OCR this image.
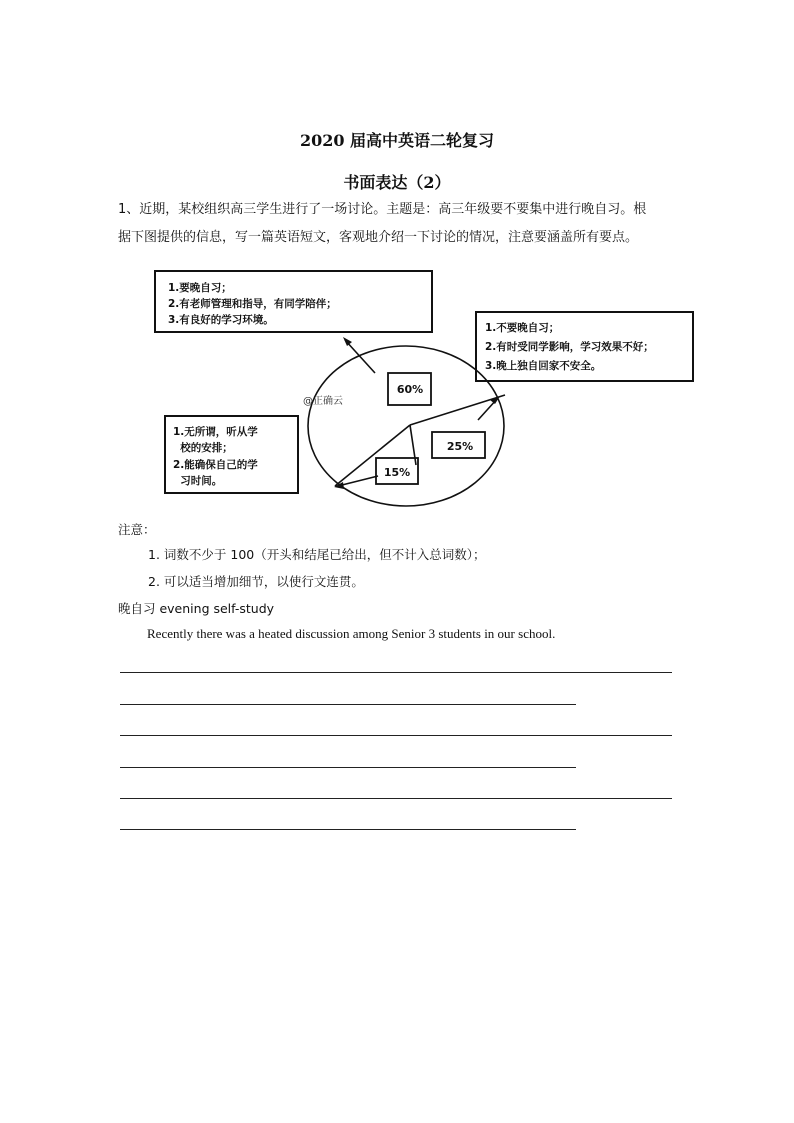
2020 届高中英语二轮复习
书面表达（2）
1、近期，某校组织高三学生进行了一场讨论。主题是：高三年级要不要集中进行晚自习。根
据下图提供的信息，写一篇英语短文，客观地介绍一下讨论的情况，注意要涵盖所有要点。
1.要晚自习；
2.有老师管理和指导，有同学陪伴；
3.有良好的学习环境。
1.不要晚自习；
2.有时受同学影响，学习效果不好；
3.晚上独自回家不安全。
1.无所谓，听从学
校的安排；
2.能确保自己的学
习时间。
60%
25%
15%
@正确云
注意：
1. 词数不少于 100（开头和结尾已给出，但不计入总词数）；
2. 可以适当增加细节，以使行文连贯。
晚自习 evening self-study
Recently there was a heated discussion among Senior 3 students in our school.
